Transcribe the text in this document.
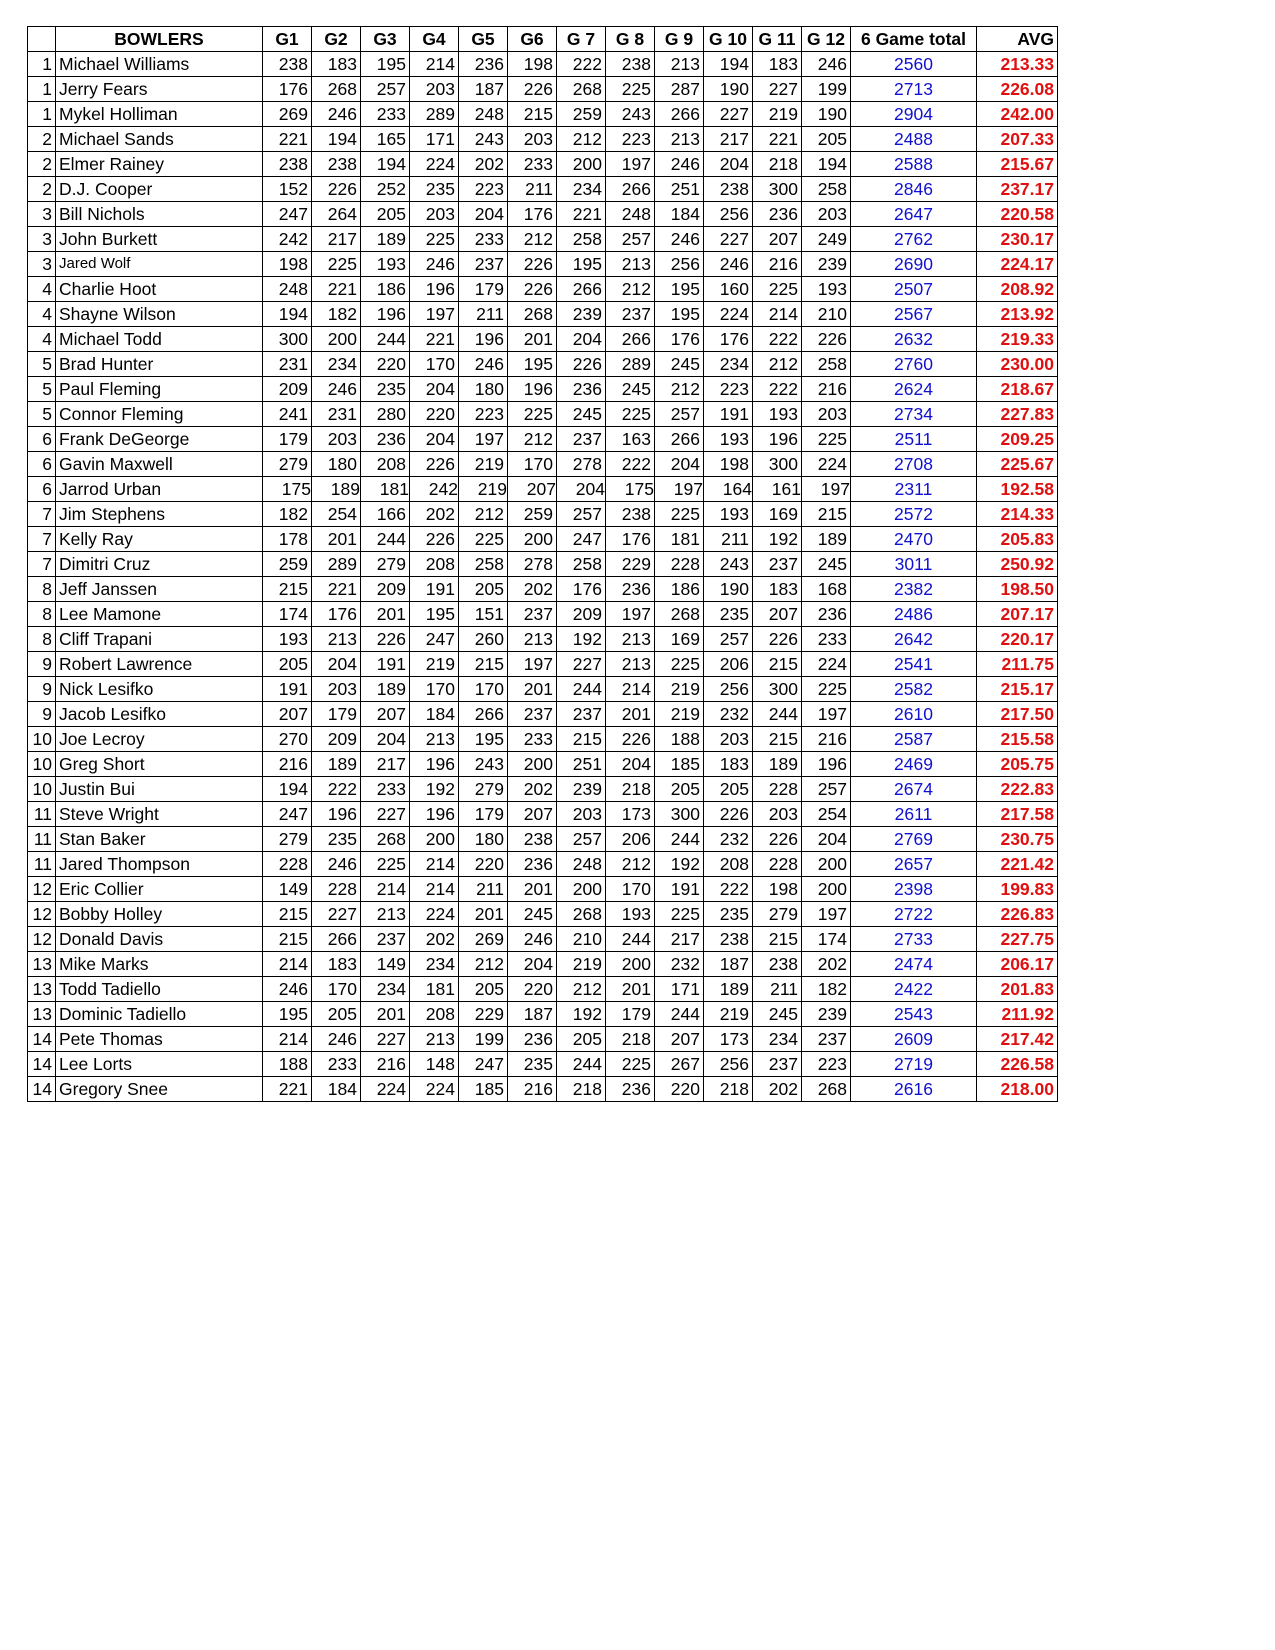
	BOWLERS	G1	G2	G3	G4	G5	G6	G 7	G 8	G 9	G 10	G 11	G 12	6 Game total	AVG
1	Michael Williams	238	183	195	214	236	198	222	238	213	194	183	246	2560	213.33
1	Jerry Fears	176	268	257	203	187	226	268	225	287	190	227	199	2713	226.08
1	Mykel Holliman	269	246	233	289	248	215	259	243	266	227	219	190	2904	242.00
2	Michael Sands	221	194	165	171	243	203	212	223	213	217	221	205	2488	207.33
2	Elmer Rainey	238	238	194	224	202	233	200	197	246	204	218	194	2588	215.67
2	D.J. Cooper	152	226	252	235	223	211	234	266	251	238	300	258	2846	237.17
3	Bill Nichols	247	264	205	203	204	176	221	248	184	256	236	203	2647	220.58
3	John Burkett	242	217	189	225	233	212	258	257	246	227	207	249	2762	230.17
3	Jared Wolf	198	225	193	246	237	226	195	213	256	246	216	239	2690	224.17
4	Charlie Hoot	248	221	186	196	179	226	266	212	195	160	225	193	2507	208.92
4	Shayne Wilson	194	182	196	197	211	268	239	237	195	224	214	210	2567	213.92
4	Michael Todd	300	200	244	221	196	201	204	266	176	176	222	226	2632	219.33
5	Brad Hunter	231	234	220	170	246	195	226	289	245	234	212	258	2760	230.00
5	Paul Fleming	209	246	235	204	180	196	236	245	212	223	222	216	2624	218.67
5	Connor Fleming	241	231	280	220	223	225	245	225	257	191	193	203	2734	227.83
6	Frank DeGeorge	179	203	236	204	197	212	237	163	266	193	196	225	2511	209.25
6	Gavin Maxwell	279	180	208	226	219	170	278	222	204	198	300	224	2708	225.67
6	Jarrod Urban	175	189	181	242	219	207	204	175	197	164	161	197	2311	192.58
7	Jim Stephens	182	254	166	202	212	259	257	238	225	193	169	215	2572	214.33
7	Kelly Ray	178	201	244	226	225	200	247	176	181	211	192	189	2470	205.83
7	Dimitri Cruz	259	289	279	208	258	278	258	229	228	243	237	245	3011	250.92
8	Jeff Janssen	215	221	209	191	205	202	176	236	186	190	183	168	2382	198.50
8	Lee Mamone	174	176	201	195	151	237	209	197	268	235	207	236	2486	207.17
8	Cliff Trapani	193	213	226	247	260	213	192	213	169	257	226	233	2642	220.17
9	Robert Lawrence	205	204	191	219	215	197	227	213	225	206	215	224	2541	211.75
9	Nick Lesifko	191	203	189	170	170	201	244	214	219	256	300	225	2582	215.17
9	Jacob Lesifko	207	179	207	184	266	237	237	201	219	232	244	197	2610	217.50
10	Joe Lecroy	270	209	204	213	195	233	215	226	188	203	215	216	2587	215.58
10	Greg Short	216	189	217	196	243	200	251	204	185	183	189	196	2469	205.75
10	Justin Bui	194	222	233	192	279	202	239	218	205	205	228	257	2674	222.83
11	Steve Wright	247	196	227	196	179	207	203	173	300	226	203	254	2611	217.58
11	Stan Baker	279	235	268	200	180	238	257	206	244	232	226	204	2769	230.75
11	Jared Thompson	228	246	225	214	220	236	248	212	192	208	228	200	2657	221.42
12	Eric Collier	149	228	214	214	211	201	200	170	191	222	198	200	2398	199.83
12	Bobby Holley	215	227	213	224	201	245	268	193	225	235	279	197	2722	226.83
12	Donald Davis	215	266	237	202	269	246	210	244	217	238	215	174	2733	227.75
13	Mike Marks	214	183	149	234	212	204	219	200	232	187	238	202	2474	206.17
13	Todd Tadiello	246	170	234	181	205	220	212	201	171	189	211	182	2422	201.83
13	Dominic Tadiello	195	205	201	208	229	187	192	179	244	219	245	239	2543	211.92
14	Pete Thomas	214	246	227	213	199	236	205	218	207	173	234	237	2609	217.42
14	Lee Lorts	188	233	216	148	247	235	244	225	267	256	237	223	2719	226.58
14	Gregory Snee	221	184	224	224	185	216	218	236	220	218	202	268	2616	218.00
